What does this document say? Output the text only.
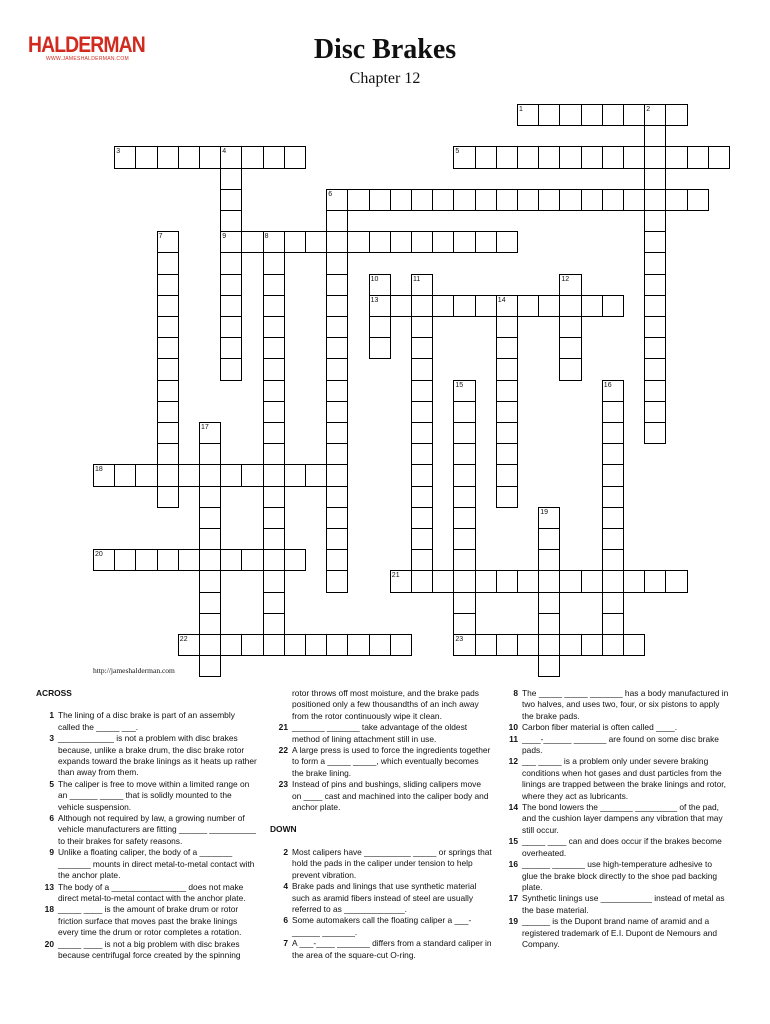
HALDERMAN
WWW.JAMESHALDERMAN.COM	Disc Brakes
Chapter 12
1	2
3	4	5
6
9	8
13	14
18
20
21
22	23
7
10	11	12
15	16
17
19
http://jameshalderman.com
ACROSS
1 The lining of a disc brake is part of an assembly called the _____ ___.
3 ____________ is not a problem with disc brakes because, unlike a brake drum, the disc brake rotor expands toward the brake linings as it heats up rather than away from them.
5 The caliper is free to move within a limited range on an ______ _____ that is solidly mounted to the vehicle suspension.
6 Although not required by law, a growing number of vehicle manufacturers are fitting ______ __________ to their brakes for safety reasons.
9 Unlike a floating caliper, the body of a _______ _______ mounts in direct metal-to-metal contact with the anchor plate.
13 The body of a ________________ does not make direct metal-to-metal contact with the anchor plate.
18 _____ ____ is the amount of brake drum or rotor friction surface that moves past the brake linings every time the drum or rotor completes a rotation.
20 _____ ____ is not a big problem with disc brakes because centrifugal force created by the spinning
rotor throws off most moisture, and the brake pads positioned only a few thousandths of an inch away from the rotor continuously wipe it clean.
21 _______ _______ take advantage of the oldest method of lining attachment still in use.
22 A large press is used to force the ingredients together to form a _____ _____, which eventually becomes the brake lining.
23 Instead of pins and bushings, sliding calipers move on ____ cast and machined into the caliper body and anchor plate.
DOWN
2 Most calipers have __________ _____ or springs that hold the pads in the caliper under tension to help prevent vibration.
4 Brake pads and linings that use synthetic material such as aramid fibers instead of steel are usually referred to as _____________.
6 Some automakers call the floating caliper a ___-______ _______.
7 A ___-____ _______ differs from a standard caliper in the area of the square-cut O-ring.
8 The _____ _____ _______ has a body manufactured in two halves, and uses two, four, or six pistons to apply the brake pads.
10 Carbon fiber material is often called ____.
11 ____-______ _______ are found on some disc brake pads.
12 ___ _____ is a problem only under severe braking conditions when hot gases and dust particles from the linings are trapped between the brake linings and rotor, where they act as lubricants.
14 The bond lowers the _______ _________ of the pad, and the cushion layer dampens any vibration that may still occur.
15 _____ ____ can and does occur if the brakes become overheated.
16 ______ _______ use high-temperature adhesive to glue the brake block directly to the shoe pad backing plate.
17 Synthetic linings use ___________ instead of metal as the base material.
19 ______ is the Dupont brand name of aramid and a registered trademark of E.I. Dupont de Nemours and Company.
